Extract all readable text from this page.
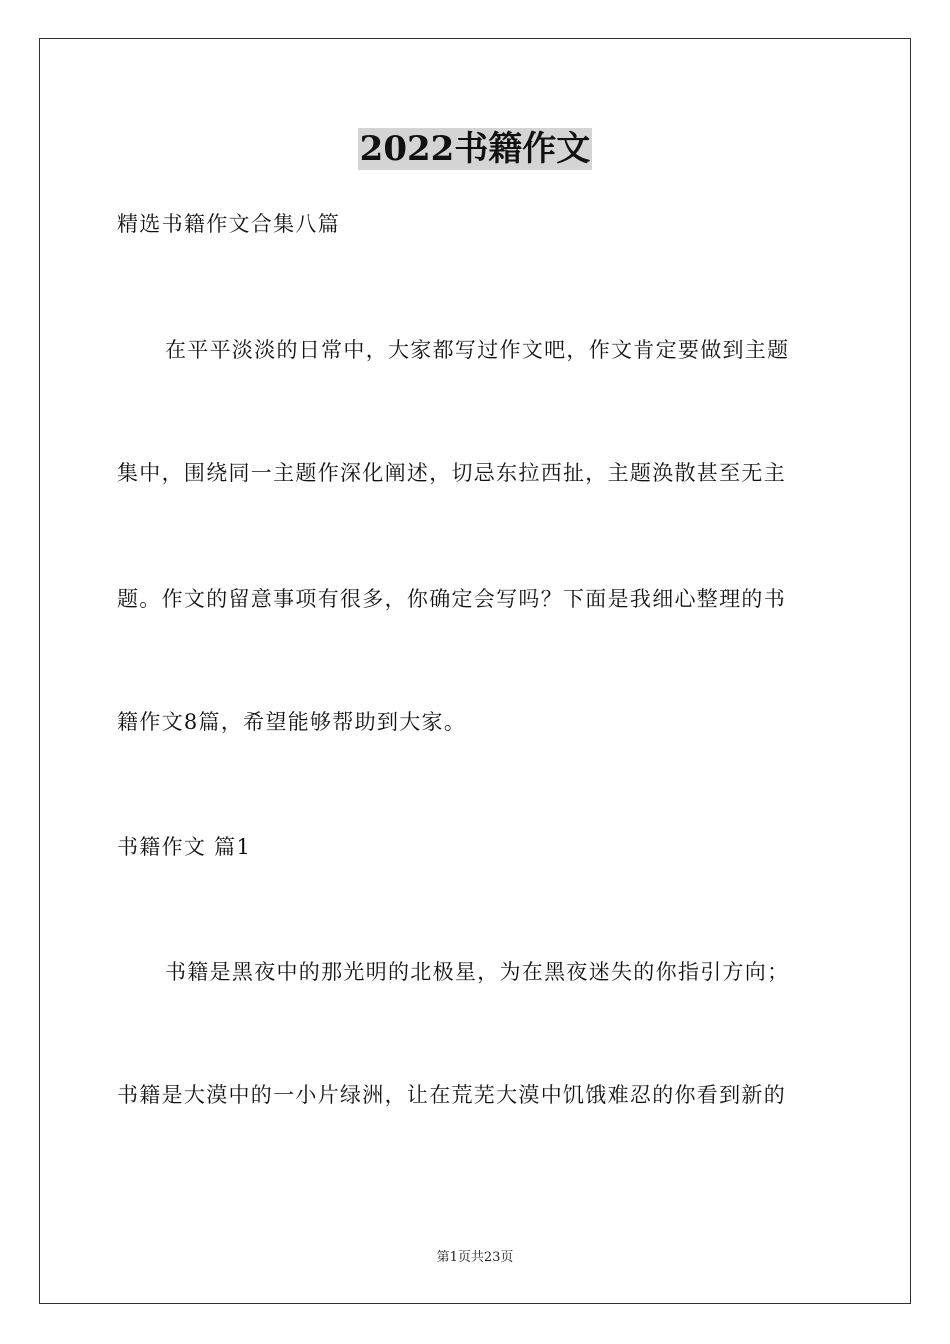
2022书籍作文
精选书籍作文合集八篇
在平平淡淡的日常中，大家都写过作文吧，作文肯定要做到主题
集中，围绕同一主题作深化阐述，切忌东拉西扯，主题涣散甚至无主
题。作文的留意事项有很多，你确定会写吗？下面是我细心整理的书
籍作文8篇，希望能够帮助到大家。
书籍作文 篇1
书籍是黑夜中的那光明的北极星，为在黑夜迷失的你指引方向；
书籍是大漠中的一小片绿洲，让在荒芜大漠中饥饿难忍的你看到新的
第1页共23页
